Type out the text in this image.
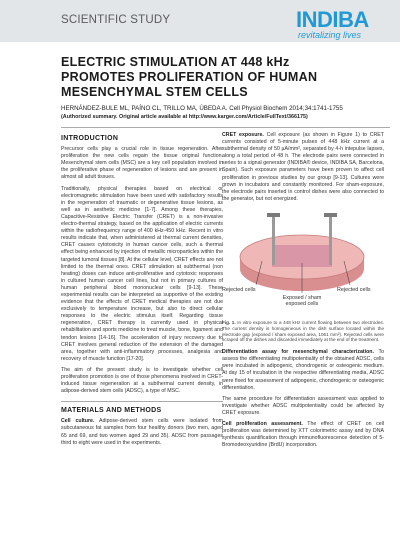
SCIENTIFIC STUDY	INDIBA
revitalizing lives
ELECTRIC STIMULATION AT 448 kHz PROMOTES PROLIFERATION OF HUMAN MESENCHYMAL STEM CELLS
HERNÁNDEZ-BULE ML, PAÍNO CL, TRILLO MA, ÚBEDA A. Cell Physiol Biochem 2014;34:1741-1755
(Authorized summary. Original article available at http://www.karger.com/Article/FullText/366175)
INTRODUCTION

Precursor cells play a crucial role in tissue regeneration. After proliferation the new cells regain the tissue original function. Mesenchymal stem cells (MSC) are a key cell population involved in the proliferative phase of regeneration of lesions and are present in almost all adult tissues.

Traditionally, physical therapies based on electrical or electromagnetic stimulation have been used with satisfactory results in the regeneration of traumatic or degenerative tissue lesions, as well as in aesthetic medicine [1-7]. Among these therapies, Capacitive-Resistive Electric Transfer (CRET) is a non-invasive electro-thermal strategy, based on the application of electric currents within the radiofrequency range of 400 kHz-450 kHz. Recent in vitro results indicate that, when administered at thermal current densities, CRET causes cytotoxicity in human cancer cells, such a thermal effect being enhanced by injection of metallic microparticles within the targeted tumoral tissues [8]. At the cellular level, CRET effects are not limited to the thermal ones. CRET stimulation at subthermal (non heating) doses can induce anti-proliferative and cytotoxic responses in cultured human cancer cell lines, but not in primary cultures of human peripheral blood mononuclear cells [9-13]. These experimental results can be interpreted as supportive of the existing evidence that the effects of CRET medical therapies are not due exclusively to temperature increase, but also to direct cellular responses to the electric stimulus itself. Regarding tissue regeneration, CRET therapy is currently used in physical rehabilitation and sports medicine to treat muscle, bone, ligament and tendon lesions [14-16]. The acceleration of injury recovery due to CRET involves general reduction of the extension of the damaged area, together with anti-inflammatory processes, analgesia and recovery of muscle function [17-20].

The aim of the present study is to investigate whether cell proliferation promotion is one of those phenomena involved in CRET-induced tissue regeneration at a subthermal current density, in adipose-derived stem cells (ADSC), a type of MSC.

MATERIALS AND METHODS

Cell culture. Adipose-derived stem cells were isolated from subcutaneous fat samples from four healthy donors (two men, aged 65 and 69, and two women aged 29 and 35). ADSC from passages third to eight were used in the experiments.

CRET exposure. Cell exposure (as shown in Figure 1) to CRET currents consisted of 5-minute pulses of 448 kHz current at a subthermal density of 50 µA/mm², separated by 4-h intepulse lapses, along a total period of 48 h. The electrode pairs were connected in series to a signal generator (INDIBA® device, INDIBA SA, Barcelona, Spain). Such exposure parameters have been proven to affect cell proliferation in previous studies by our group [9-13]. Cultures were grown in incubators and constantly monitored. For sham-exposure, the electrode pairs inserted in control dishes were also connected to the generator, but not energized.

Rejected cells	Rejected cells
Exposed / sham exposed cells
Fig. 1. In vitro exposure to a 448 kHz current flowing between two electrodes. The current density is homogeneous in the dish surface located within the electrode gap (exposed / sham exposed area, 1061 mm²). Rejected cells were scraped off the dishes and discarded immediately at the end of the treatment.

Differentiation assay for mesenchymal characterization. To assess the differentiating multipotentiality of the obtained ADSC, cells were incubated in adipogenic, chondrogenic or osteogenic medium. At day 15 of incubation in the respective differentiating media, ADSC were fixed for assessment of adipogenic, chondrogenic or osteogenic differentiation.

The same procedure for differentiation assessment was applied to investigate whether ADSC multipotentiality could be affected by CRET exposure.

Cell proliferation assessment. The effect of CRET on cell proliferation was determined by XTT colorimetric assay and by DNA synthesis quantification through immunofluorescence detection of 5-Bromodeoxyuridine (BrdU) incorporation.
